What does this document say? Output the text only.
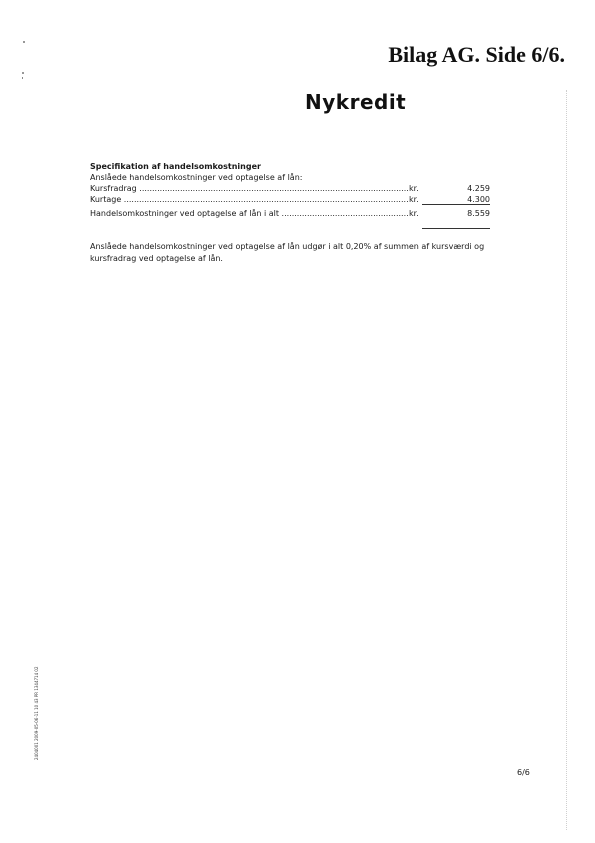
Bilag AG. Side 6/6.
Nykredit
Specifikation af handelsomkostninger
Anslåede handelsomkostninger ved optagelse af lån:
Kursfradrag .....	kr.	4.259
Kurtage .....	kr.	4.300
Handelsomkostninger ved optagelse af lån i alt .....	kr.	8.559
Anslåede handelsomkostninger ved optagelse af lån udgør i alt 0,20% af summen af kursværdi og kursfradrag ved optagelse af lån.
2404001 2009-05-06-11 10 43 PR 1344714 02
6/6
